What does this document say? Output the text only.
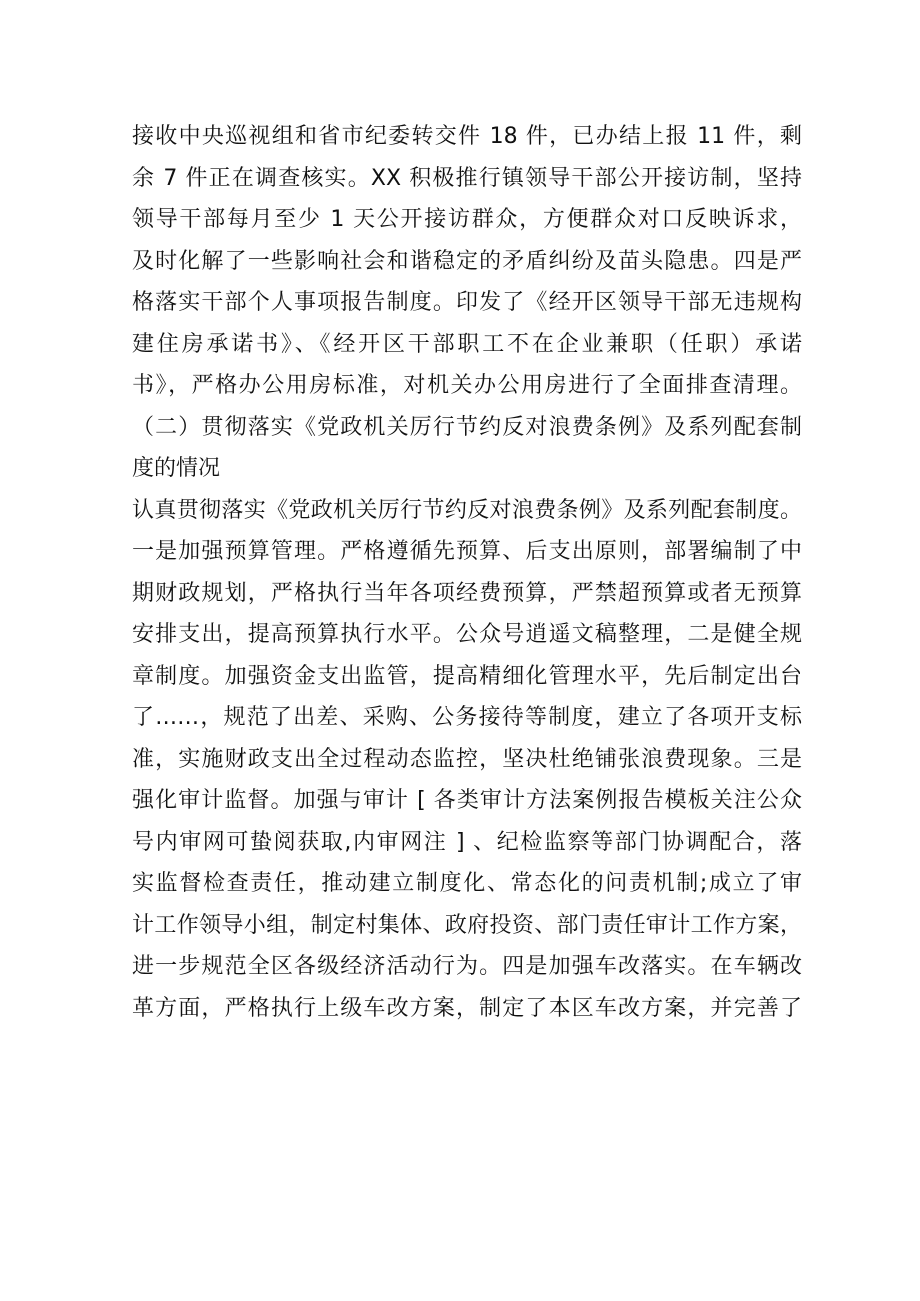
接收中央巡视组和省市纪委转交件 18 件，已办结上报 11 件，剩
余 7 件正在调查核实。XX 积极推行镇领导干部公开接访制，坚持
领导干部每月至少 1 天公开接访群众，方便群众对口反映诉求，
及时化解了一些影响社会和谐稳定的矛盾纠纷及苗头隐患。四是严
格落实干部个人事项报告制度。印发了《经开区领导干部无违规构
建住房承诺书》、《经开区干部职工不在企业兼职（任职）承诺
书》，严格办公用房标准，对机关办公用房进行了全面排查清理。
（二）贯彻落实《党政机关厉行节约反对浪费条例》及系列配套制
度的情况
认真贯彻落实《党政机关厉行节约反对浪费条例》及系列配套制度。
一是加强预算管理。严格遵循先预算、后支出原则，部署编制了中
期财政规划，严格执行当年各项经费预算，严禁超预算或者无预算
安排支出，提高预算执行水平。公众号逍遥文稿整理，二是健全规
章制度。加强资金支出监管，提高精细化管理水平，先后制定出台
了……，规范了出差、采购、公务接待等制度，建立了各项开支标
准，实施财政支出全过程动态监控，坚决杜绝铺张浪费现象。三是
强化审计监督。加强与审计 [ 各类审计方法案例报告模板关注公众
号内审网可蛰阅获取,内审网注 ] 、纪检监察等部门协调配合，落
实监督检查责任，推动建立制度化、常态化的问责机制;成立了审
计工作领导小组，制定村集体、政府投资、部门责任审计工作方案，
进一步规范全区各级经济活动行为。四是加强车改落实。在车辆改
革方面，严格执行上级车改方案，制定了本区车改方案，并完善了
